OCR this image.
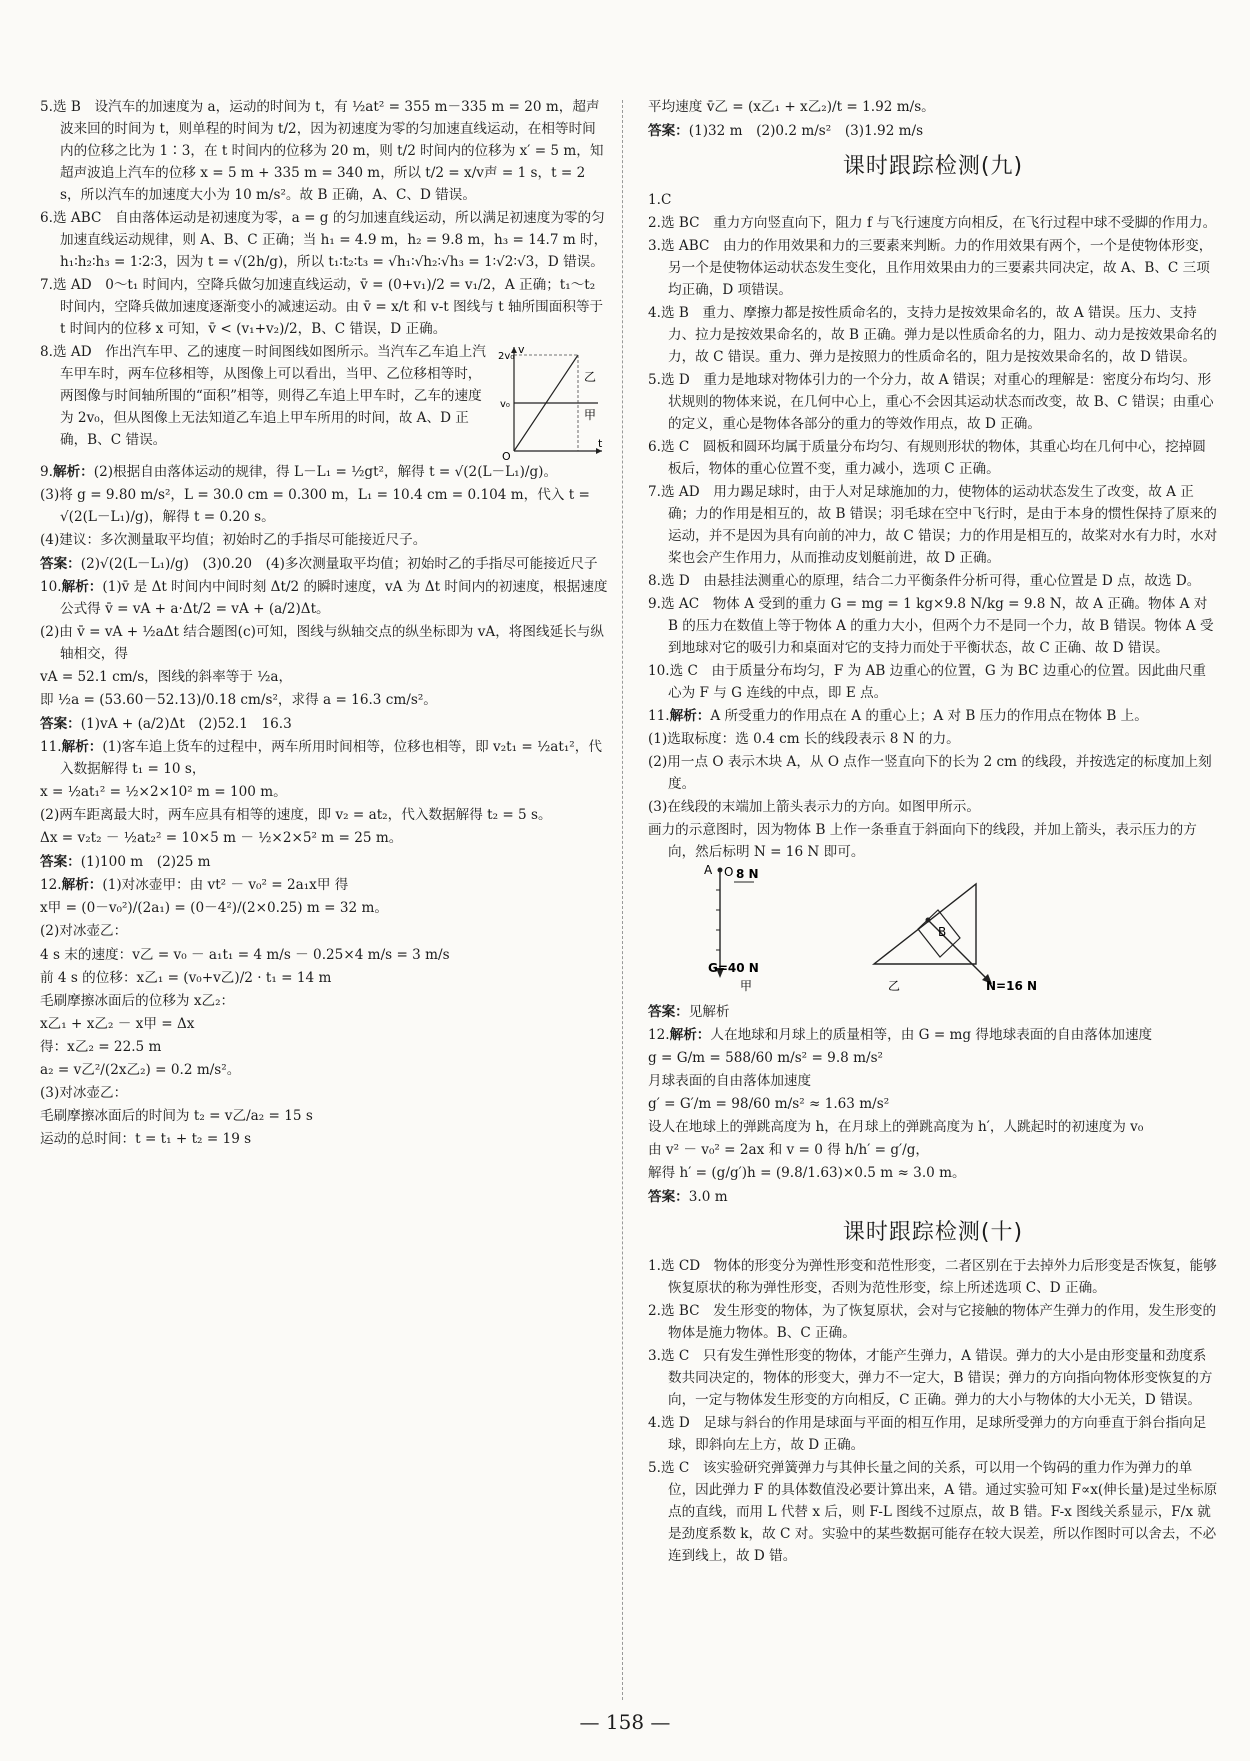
5.选 B　设汽车的加速度为 a，运动的时间为 t，有 ½at² = 355 m－335 m = 20 m，超声波来回的时间为 t，则单程的时间为 t/2，因为初速度为零的匀加速直线运动，在相等时间内的位移之比为 1∶3，在 t 时间内的位移为 20 m，则 t/2 时间内的位移为 x′ = 5 m，知超声波追上汽车的位移 x = 5 m + 335 m = 340 m，所以 t/2 = x/v声 = 1 s，t = 2 s，所以汽车的加速度大小为 10 m/s²。故 B 正确，A、C、D 错误。
6.选 ABC　自由落体运动是初速度为零，a = g 的匀加速直线运动，所以满足初速度为零的匀加速直线运动规律，则 A、B、C 正确；当 h₁ = 4.9 m，h₂ = 9.8 m，h₃ = 14.7 m 时，h₁∶h₂∶h₃ = 1∶2∶3，因为 t = √(2h/g)，所以 t₁∶t₂∶t₃ = √h₁∶√h₂∶√h₃ = 1∶√2∶√3，D 错误。
7.选 AD　0～t₁ 时间内，空降兵做匀加速直线运动，v̄ = (0+v₁)/2 = v₁/2，A 正确；t₁～t₂ 时间内，空降兵做加速度逐渐变小的减速运动。由 v̄ = x/t 和 v-t 图线与 t 轴所围面积等于 t 时间内的位移 x 可知，v̄ < (v₁+v₂)/2，B、C 错误，D 正确。
8.选 AD　作出汽车甲、乙的速度－时间图线如图所示。当汽车乙车追上汽车甲车时，两车位移相等，从图像上可以看出，当甲、乙位移相等时，两图像与时间轴所围的“面积”相等，则得乙车追上甲车时，乙车的速度为 2v₀，但从图像上无法知道乙车追上甲车所用的时间，故 A、D 正确，B、C 错误。
v
t
O
2v₀
v₀
乙
甲
9.解析：(2)根据自由落体运动的规律，得 L－L₁ = ½gt²，解得 t = √(2(L－L₁)/g)。
(3)将 g = 9.80 m/s²，L = 30.0 cm = 0.300 m，L₁ = 10.4 cm = 0.104 m，代入 t = √(2(L－L₁)/g)，解得 t = 0.20 s。
(4)建议：多次测量取平均值；初始时乙的手指尽可能接近尺子。
答案：(2)√(2(L－L₁)/g)　(3)0.20　(4)多次测量取平均值；初始时乙的手指尽可能接近尺子
10.解析：(1)v̄ 是 Δt 时间内中间时刻 Δt/2 的瞬时速度，vA 为 Δt 时间内的初速度，根据速度公式得 v̄ = vA + a·Δt/2 = vA + (a/2)Δt。
(2)由 v̄ = vA + ½aΔt 结合题图(c)可知，图线与纵轴交点的纵坐标即为 vA，将图线延长与纵轴相交，得
vA = 52.1 cm/s，图线的斜率等于 ½a，
即 ½a = (53.60－52.13)/0.18 cm/s²，求得 a = 16.3 cm/s²。
答案：(1)vA + (a/2)Δt　(2)52.1　16.3
11.解析：(1)客车追上货车的过程中，两车所用时间相等，位移也相等，即 v₂t₁ = ½at₁²，代入数据解得 t₁ = 10 s，
x = ½at₁² = ½×2×10² m = 100 m。
(2)两车距离最大时，两车应具有相等的速度，即 v₂ = at₂，代入数据解得 t₂ = 5 s。
Δx = v₂t₂ － ½at₂² = 10×5 m － ½×2×5² m = 25 m。
答案：(1)100 m　(2)25 m
12.解析：(1)对冰壶甲：由 vt² － v₀² = 2a₁x甲 得
x甲 = (0－v₀²)/(2a₁) = (0－4²)/(2×0.25) m = 32 m。
(2)对冰壶乙：
4 s 末的速度：v乙 = v₀ － a₁t₁ = 4 m/s － 0.25×4 m/s = 3 m/s
前 4 s 的位移：x乙₁ = (v₀+v乙)/2 · t₁ = 14 m
毛刷摩擦冰面后的位移为 x乙₂：
x乙₁ + x乙₂ － x甲 = Δx
得：x乙₂ = 22.5 m
a₂ = v乙²/(2x乙₂) = 0.2 m/s²。
(3)对冰壶乙：
毛刷摩擦冰面后的时间为 t₂ = v乙/a₂ = 15 s
运动的总时间：t = t₁ + t₂ = 19 s
平均速度 v̄乙 = (x乙₁ + x乙₂)/t = 1.92 m/s。
答案：(1)32 m　(2)0.2 m/s²　(3)1.92 m/s
课时跟踪检测(九)
1.C
2.选 BC　重力方向竖直向下，阻力 f 与飞行速度方向相反，在飞行过程中球不受脚的作用力。
3.选 ABC　由力的作用效果和力的三要素来判断。力的作用效果有两个，一个是使物体形变，另一个是使物体运动状态发生变化，且作用效果由力的三要素共同决定，故 A、B、C 三项均正确，D 项错误。
4.选 B　重力、摩擦力都是按性质命名的，支持力是按效果命名的，故 A 错误。压力、支持力、拉力是按效果命名的，故 B 正确。弹力是以性质命名的力，阻力、动力是按效果命名的力，故 C 错误。重力、弹力是按照力的性质命名的，阻力是按效果命名的，故 D 错误。
5.选 D　重力是地球对物体引力的一个分力，故 A 错误；对重心的理解是：密度分布均匀、形状规则的物体来说，在几何中心上，重心不会因其运动状态而改变，故 B、C 错误；由重心的定义，重心是物体各部分的重力的等效作用点，故 D 正确。
6.选 C　圆板和圆环均属于质量分布均匀、有规则形状的物体，其重心均在几何中心，挖掉圆板后，物体的重心位置不变，重力减小，选项 C 正确。
7.选 AD　用力踢足球时，由于人对足球施加的力，使物体的运动状态发生了改变，故 A 正确；力的作用是相互的，故 B 错误；羽毛球在空中飞行时，是由于本身的惯性保持了原来的运动，并不是因为具有向前的冲力，故 C 错误；力的作用是相互的，故桨对水有力时，水对桨也会产生作用力，从而推动皮划艇前进，故 D 正确。
8.选 D　由悬挂法测重心的原理，结合二力平衡条件分析可得，重心位置是 D 点，故选 D。
9.选 AC　物体 A 受到的重力 G = mg = 1 kg×9.8 N/kg = 9.8 N，故 A 正确。物体 A 对 B 的压力在数值上等于物体 A 的重力大小，但两个力不是同一个力，故 B 错误。物体 A 受到地球对它的吸引力和桌面对它的支持力而处于平衡状态，故 C 正确、故 D 错误。
10.选 C　由于质量分布均匀，F 为 AB 边重心的位置，G 为 BC 边重心的位置。因此曲尺重心为 F 与 G 连线的中点，即 E 点。
11.解析：A 所受重力的作用点在 A 的重心上；A 对 B 压力的作用点在物体 B 上。
(1)选取标度：选 0.4 cm 长的线段表示 8 N 的力。
(2)用一点 O 表示木块 A，从 O 点作一竖直向下的长为 2 cm 的线段，并按选定的标度加上刻度。
(3)在线段的末端加上箭头表示力的方向。如图甲所示。
画力的示意图时，因为物体 B 上作一条垂直于斜面向下的线段，并加上箭头，表示压力的方向，然后标明 N = 16 N 即可。
A O 8 N
G=40 N
甲
B
N=16 N
乙
答案：见解析
12.解析：人在地球和月球上的质量相等，由 G = mg 得地球表面的自由落体加速度
g = G/m = 588/60 m/s² = 9.8 m/s²
月球表面的自由落体加速度
g′ = G′/m = 98/60 m/s² ≈ 1.63 m/s²
设人在地球上的弹跳高度为 h，在月球上的弹跳高度为 h′，人跳起时的初速度为 v₀
由 v² － v₀² = 2ax 和 v = 0 得 h/h′ = g′/g，
解得 h′ = (g/g′)h = (9.8/1.63)×0.5 m ≈ 3.0 m。
答案：3.0 m
课时跟踪检测(十)
1.选 CD　物体的形变分为弹性形变和范性形变，二者区别在于去掉外力后形变是否恢复，能够恢复原状的称为弹性形变，否则为范性形变，综上所述选项 C、D 正确。
2.选 BC　发生形变的物体，为了恢复原状，会对与它接触的物体产生弹力的作用，发生形变的物体是施力物体。B、C 正确。
3.选 C　只有发生弹性形变的物体，才能产生弹力，A 错误。弹力的大小是由形变量和劲度系数共同决定的，物体的形变大，弹力不一定大，B 错误；弹力的方向指向物体形变恢复的方向，一定与物体发生形变的方向相反，C 正确。弹力的大小与物体的大小无关，D 错误。
4.选 D　足球与斜台的作用是球面与平面的相互作用，足球所受弹力的方向垂直于斜台指向足球，即斜向左上方，故 D 正确。
5.选 C　该实验研究弹簧弹力与其伸长量之间的关系，可以用一个钩码的重力作为弹力的单位，因此弹力 F 的具体数值没必要计算出来，A 错。通过实验可知 F∝x(伸长量)是过坐标原点的直线，而用 L 代替 x 后，则 F-L 图线不过原点，故 B 错。F-x 图线关系显示，F/x 就是劲度系数 k，故 C 对。实验中的某些数据可能存在较大误差，所以作图时可以舍去，不必连到线上，故 D 错。
— 158 —
